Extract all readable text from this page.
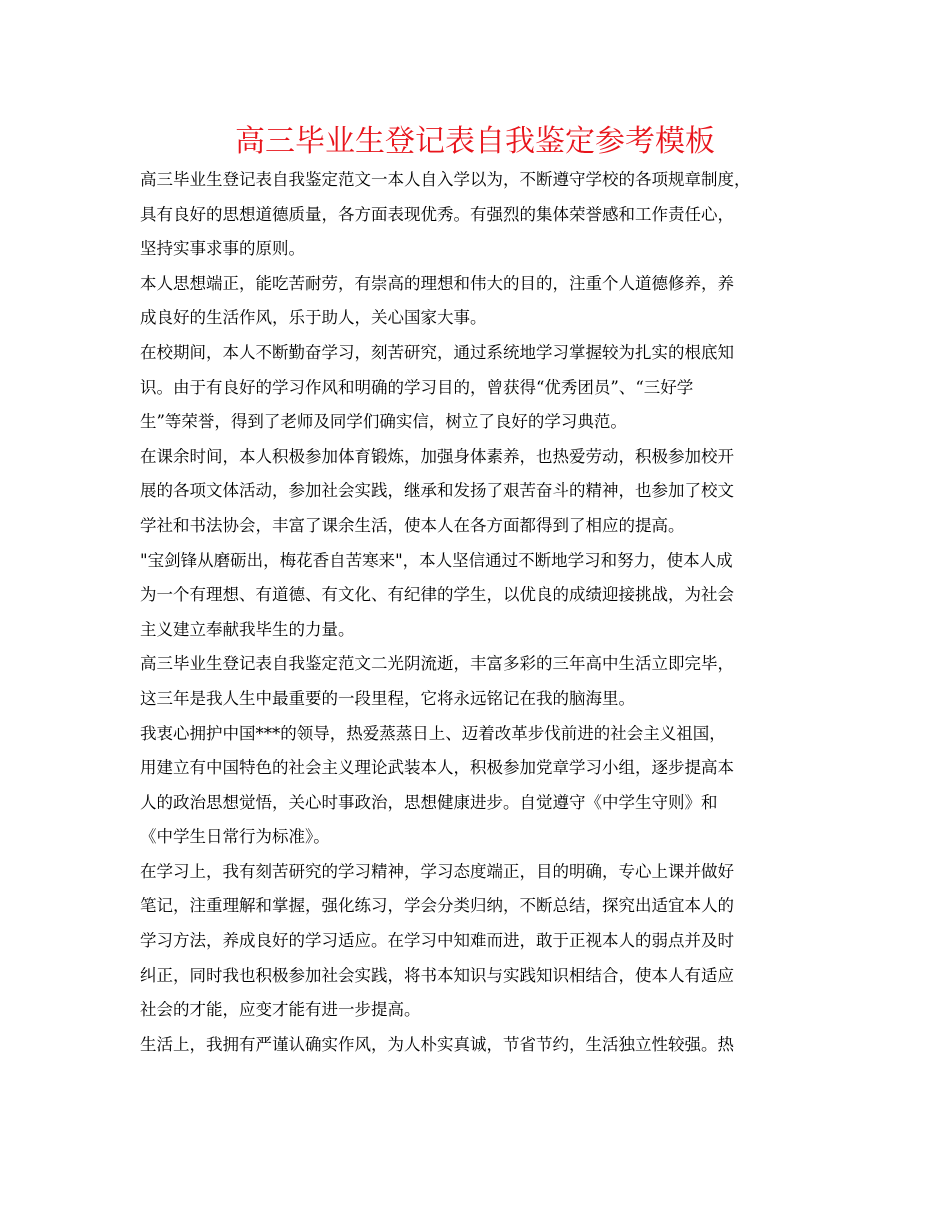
高三毕业生登记表自我鉴定参考模板
高三毕业生登记表自我鉴定范文一本人自入学以为，不断遵守学校的各项规章制度，
具有良好的思想道德质量，各方面表现优秀。有强烈的集体荣誉感和工作责任心，
坚持实事求事的原则。
本人思想端正，能吃苦耐劳，有崇高的理想和伟大的目的，注重个人道德修养，养
成良好的生活作风，乐于助人，关心国家大事。
在校期间，本人不断勤奋学习，刻苦研究，通过系统地学习掌握较为扎实的根底知
识。由于有良好的学习作风和明确的学习目的，曾获得“优秀团员”、“三好学
生”等荣誉，得到了老师及同学们确实信，树立了良好的学习典范。
在课余时间，本人积极参加体育锻炼，加强身体素养，也热爱劳动，积极参加校开
展的各项文体活动，参加社会实践，继承和发扬了艰苦奋斗的精神，也参加了校文
学社和书法协会，丰富了课余生活，使本人在各方面都得到了相应的提高。
"宝剑锋从磨砺出，梅花香自苦寒来"，本人坚信通过不断地学习和努力，使本人成
为一个有理想、有道德、有文化、有纪律的学生，以优良的成绩迎接挑战，为社会
主义建立奉献我毕生的力量。
高三毕业生登记表自我鉴定范文二光阴流逝，丰富多彩的三年高中生活立即完毕，
这三年是我人生中最重要的一段里程，它将永远铭记在我的脑海里。
我衷心拥护中国***的领导，热爱蒸蒸日上、迈着改革步伐前进的社会主义祖国，
用建立有中国特色的社会主义理论武装本人，积极参加党章学习小组，逐步提高本
人的政治思想觉悟，关心时事政治，思想健康进步。自觉遵守《中学生守则》和
《中学生日常行为标准》。
在学习上，我有刻苦研究的学习精神，学习态度端正，目的明确，专心上课并做好
笔记，注重理解和掌握，强化练习，学会分类归纳，不断总结，探究出适宜本人的
学习方法，养成良好的学习适应。在学习中知难而进，敢于正视本人的弱点并及时
纠正，同时我也积极参加社会实践，将书本知识与实践知识相结合，使本人有适应
社会的才能，应变才能有进一步提高。
生活上，我拥有严谨认确实作风，为人朴实真诚，节省节约，生活独立性较强。热
